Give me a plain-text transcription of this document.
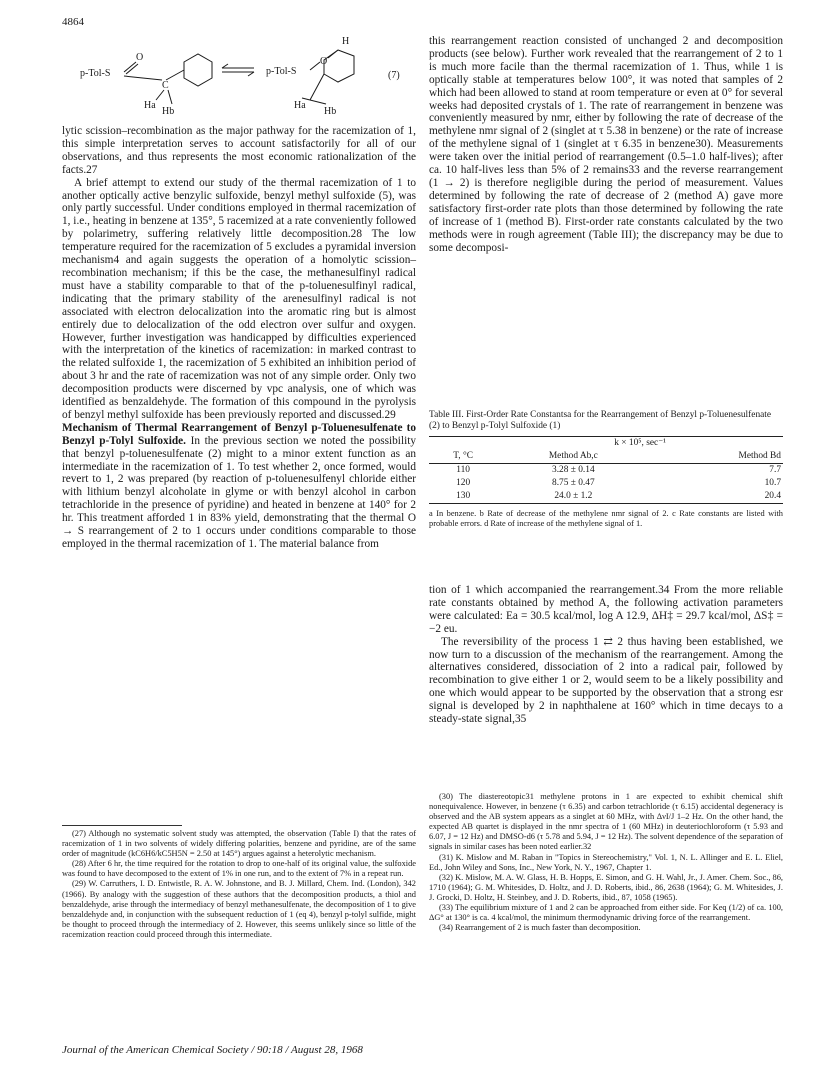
4864
p-Tol-S
O
C
Ha
Hb
p-Tol-S
O
H
Ha
Hb
(7)

lytic scission–recombination as the major pathway for the racemization of 1, this simple interpretation serves to account satisfactorily for all of our observations, and thus represents the most economic rationalization of the facts.27

A brief attempt to extend our study of the thermal racemization of 1 to another optically active benzylic sulfoxide, benzyl methyl sulfoxide (5), was only partly successful. Under conditions employed in thermal racemization of 1, i.e., heating in benzene at 135°, 5 racemized at a rate conveniently followed by polarimetry, suffering relatively little decomposition.28 The low temperature required for the racemization of 5 excludes a pyramidal inversion mechanism4 and again suggests the operation of a homolytic scission–recombination mechanism; if this be the case, the methanesulfinyl radical must have a stability comparable to that of the p-toluenesulfinyl radical, indicating that the primary stability of the arenesulfinyl radical is not associated with electron delocalization into the aromatic ring but is almost entirely due to delocalization of the odd electron over sulfur and oxygen. However, further investigation was handicapped by difficulties experienced with the interpretation of the kinetics of racemization: in marked contrast to the related sulfoxide 1, the racemization of 5 exhibited an inhibition period of about 3 hr and the rate of racemization was not of any simple order. Only two decomposition products were discerned by vpc analysis, one of which was identified as benzaldehyde. The formation of this compound in the pyrolysis of benzyl methyl sulfoxide has been previously reported and discussed.29

Mechanism of Thermal Rearrangement of Benzyl p-Toluenesulfenate to Benzyl p-Tolyl Sulfoxide. In the previous section we noted the possibility that benzyl p-toluenesulfenate (2) might to a minor extent function as an intermediate in the racemization of 1. To test whether 2, once formed, would revert to 1, 2 was prepared (by reaction of p-toluenesulfenyl chloride either with lithium benzyl alcoholate in glyme or with benzyl alcohol in carbon tetrachloride in the presence of pyridine) and heated in benzene at 140° for 2 hr. This treatment afforded 1 in 83% yield, demonstrating that the thermal O → S rearrangement of 2 to 1 occurs under conditions comparable to those employed in the thermal racemization of 1. The material balance from

this rearrangement reaction consisted of unchanged 2 and decomposition products (see below). Further work revealed that the rearrangement of 2 to 1 is much more facile than the thermal racemization of 1. Thus, while 1 is optically stable at temperatures below 100°, it was noted that samples of 2 which had been allowed to stand at room temperature or even at 0° for several weeks had deposited crystals of 1. The rate of rearrangement in benzene was conveniently measured by nmr, either by following the rate of decrease of the methylene nmr signal of 2 (singlet at τ 5.38 in benzene) or the rate of increase of the methylene signal of 1 (singlet at τ 6.35 in benzene30). Measurements were taken over the initial period of rearrangement (0.5–1.0 half-lives); after ca. 10 half-lives less than 5% of 2 remains33 and the reverse rearrangement (1 → 2) is therefore negligible during the period of measurement. Values determined by following the rate of decrease of 2 (method A) gave more satisfactory first-order rate plots than those determined by following the rate of increase of 1 (method B). First-order rate constants calculated by the two methods were in rough agreement (Table III); the discrepancy may be due to some decomposi-

Table III. First-Order Rate Constantsa for the Rearrangement of Benzyl p-Toluenesulfenate (2) to Benzyl p-Tolyl Sulfoxide (1)

	k × 10⁵, sec⁻¹	
T, °C	Method Ab,c	Method Bd
110	3.28 ± 0.14	7.7
120	8.75 ± 0.47	10.7
130	24.0 ± 1.2	20.4

a In benzene. b Rate of decrease of the methylene nmr signal of 2. c Rate constants are listed with probable errors. d Rate of increase of the methylene signal of 1.

tion of 1 which accompanied the rearrangement.34 From the more reliable rate constants obtained by method A, the following activation parameters were calculated: Ea = 30.5 kcal/mol, log A 12.9, ΔH‡ = 29.7 kcal/mol, ΔS‡ = −2 eu.

The reversibility of the process 1 ⇄ 2 thus having been established, we now turn to a discussion of the mechanism of the rearrangement. Among the alternatives considered, dissociation of 2 into a radical pair, followed by recombination to give either 1 or 2, would seem to be a likely possibility and one which would appear to be supported by the observation that a strong esr signal is developed by 2 in naphthalene at 160° which in time decays to a steady-state signal,35

(27) Although no systematic solvent study was attempted, the observation (Table I) that the rates of racemization of 1 in two solvents of widely differing polarities, benzene and pyridine, are of the same order of magnitude (kC6H6/kC5H5N = 2.50 at 145°) argues against a heterolytic mechanism.

(28) After 6 hr, the time required for the rotation to drop to one-half of its original value, the sulfoxide was found to have decomposed to the extent of 1% in one run, and to the extent of 7% in a repeat run.

(29) W. Carruthers, I. D. Entwistle, R. A. W. Johnstone, and B. J. Millard, Chem. Ind. (London), 342 (1966). By analogy with the suggestion of these authors that the decomposition products, a thiol and benzaldehyde, arise through the intermediacy of benzyl methanesulfenate, the decomposition of 1 to give benzaldehyde and, in conjunction with the subsequent reduction of 1 (eq 4), benzyl p-tolyl sulfide, might be thought to proceed through the intermediacy of 2. However, this seems unlikely since so little of the racemization reaction could proceed through this intermediate.

(30) The diastereotopic31 methylene protons in 1 are expected to exhibit chemical shift nonequivalence. However, in benzene (τ 6.35) and carbon tetrachloride (τ 6.15) accidental degeneracy is observed and the AB system appears as a singlet at 60 MHz, with ΔνI/J 1–2 Hz. On the other hand, the expected AB quartet is displayed in the nmr spectra of 1 (60 MHz) in deuteriochloroform (τ 5.93 and 6.07, J = 12 Hz) and DMSO-d6 (τ 5.78 and 5.94, J = 12 Hz). The solvent dependence of the separation of signals in similar cases has been noted earlier.32

(31) K. Mislow and M. Raban in "Topics in Stereochemistry," Vol. 1, N. L. Allinger and E. L. Eliel, Ed., John Wiley and Sons, Inc., New York, N. Y., 1967, Chapter 1.

(32) K. Mislow, M. A. W. Glass, H. B. Hopps, E. Simon, and G. H. Wahl, Jr., J. Amer. Chem. Soc., 86, 1710 (1964); G. M. Whitesides, D. Holtz, and J. D. Roberts, ibid., 86, 2638 (1964); G. M. Whitesides, J. J. Grocki, D. Holtz, H. Steinbey, and J. D. Roberts, ibid., 87, 1058 (1965).

(33) The equilibrium mixture of 1 and 2 can be approached from either side. For Keq (1/2) of ca. 100, ΔG° at 130° is ca. 4 kcal/mol, the minimum thermodynamic driving force of the rearrangement.

(34) Rearrangement of 2 is much faster than decomposition.

Journal of the American Chemical Society / 90:18 / August 28, 1968
